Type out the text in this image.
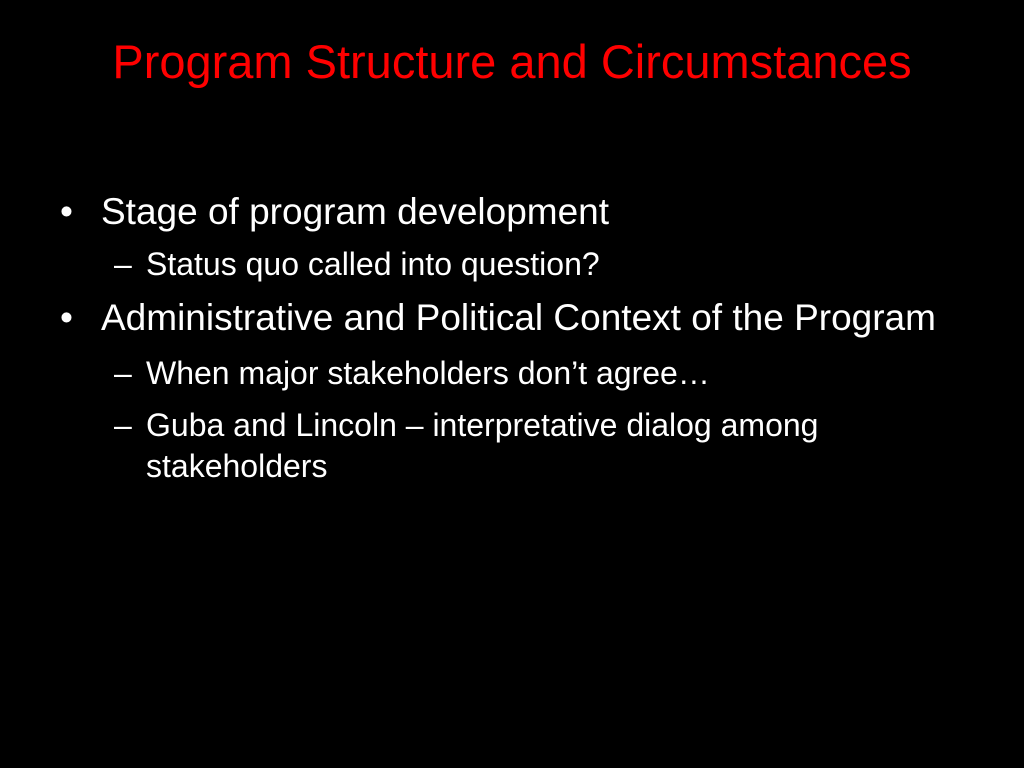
Program Structure and Circumstances
• Stage of program development
– Status quo called into question?
• Administrative and Political Context of the Program
– When major stakeholders don’t agree…
– Guba and Lincoln – interpretative dialog among stakeholders
